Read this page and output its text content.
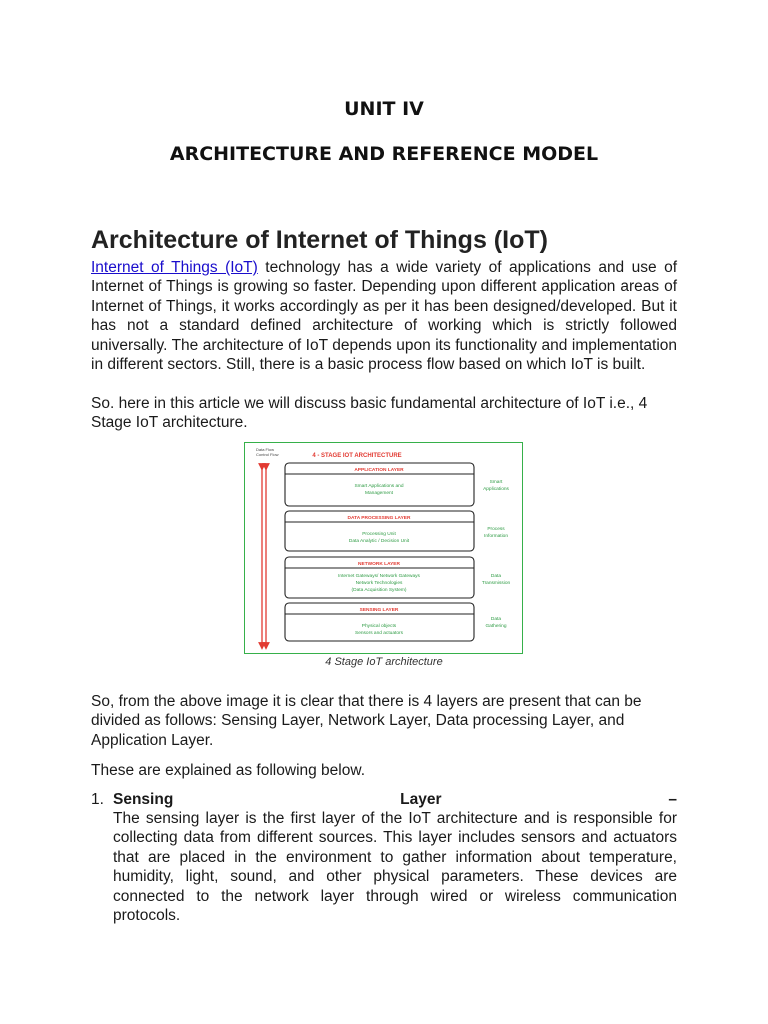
UNIT IV
ARCHITECTURE AND REFERENCE MODEL
Architecture of Internet of Things (IoT)

Internet of Things (IoT) technology has a wide variety of applications and use of Internet of Things is growing so faster. Depending upon different application areas of Internet of Things, it works accordingly as per it has been designed/developed. But it has not a standard defined architecture of working which is strictly followed universally. The architecture of IoT depends upon its functionality and implementation in different sectors. Still, there is a basic process flow based on which IoT is built.

So. here in this article we will discuss basic fundamental architecture of IoT i.e., 4 Stage IoT architecture.

Data Flow
Control Flow	4 - STAGE IOT ARCHITECTURE
APPLICATION LAYER
Smart Applications and
Management
Smart
Applications
DATA PROCESSING LAYER
Processing Unit
Data Analytic / Decision Unit
Process
Information
NETWORK LAYER
Internet Gateways/ Network Gateways
Network Technologies
(Data Acquisition System)
Data
Transmission
SENSING LAYER
Physical objects
Sensors and actuators
Data
Gathering
4 Stage IoT architecture

So, from the above image it is clear that there is 4 layers are present that can be divided as follows: Sensing Layer, Network Layer, Data processing Layer, and Application Layer.

These are explained as following below.

1. Sensing	Layer	–

The sensing layer is the first layer of the IoT architecture and is responsible for collecting data from different sources. This layer includes sensors and actuators that are placed in the environment to gather information about temperature, humidity, light, sound, and other physical parameters. These devices are connected to the network layer through wired or wireless communication protocols.
